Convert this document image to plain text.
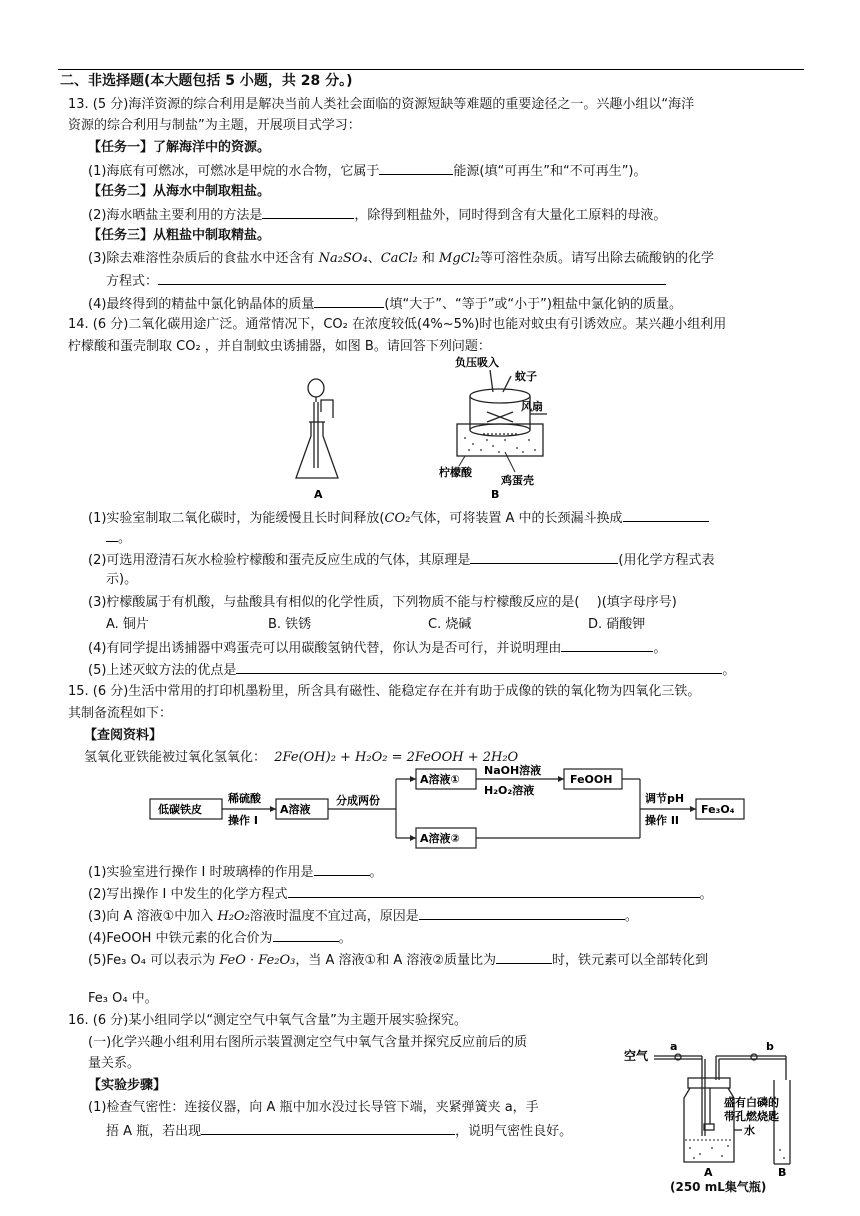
二、非选择题(本大题包括 5 小题，共 28 分。)
13. (5 分)海洋资源的综合利用是解决当前人类社会面临的资源短缺等难题的重要途径之一。兴趣小组以“海洋
资源的综合利用与制盐”为主题，开展项目式学习：
【任务一】了解海洋中的资源。
(1)海底有可燃冰，可燃冰是甲烷的水合物，它属于	能源(填“可再生”和“不可再生”)。
【任务二】从海水中制取粗盐。
(2)海水晒盐主要利用的方法是	，除得到粗盐外，同时得到含有大量化工原料的母液。
【任务三】从粗盐中制取精盐。
(3)除去难溶性杂质后的食盐水中还含有 Na₂SO₄、CaCl₂ 和 MgCl₂等可溶性杂质。请写出除去硫酸钠的化学
方程式：
(4)最终得到的精盐中氯化钠晶体的质量	(填“大于”、“等于”或“小于”)粗盐中氯化钠的质量。
14. (6 分)二氧化碳用途广泛。通常情况下，CO₂ 在浓度较低(4%~5%)时也能对蚊虫有引诱效应。某兴趣小组利用
柠檬酸和蛋壳制取 CO₂ ，并自制蚊虫诱捕器，如图 B。请回答下列问题：
A
负压吸入
蚊子
风扇
柠檬酸
鸡蛋壳
B
(1)实验室制取二氧化碳时，为能缓慢且长时间释放(CO₂气体，可将装置 A 中的长颈漏斗换成
。
(2)可选用澄清石灰水检验柠檬酸和蛋壳反应生成的气体，其原理是	(用化学方程式表
示)。
(3)柠檬酸属于有机酸，与盐酸具有相似的化学性质，下列物质不能与柠檬酸反应的是(　 )(填字母序号)
A. 铜片	B. 铁锈	C. 烧碱	D. 硝酸钾
(4)有同学提出诱捕器中鸡蛋壳可以用碳酸氢钠代替，你认为是否可行，并说明理由	。
(5)上述灭蚊方法的优点是	。
15. (6 分)生活中常用的打印机墨粉里，所含具有磁性、能稳定存在并有助于成像的铁的氧化物为四氧化三铁。
其制备流程如下：
【查阅资料】
氢氧化亚铁能被过氧化氢氧化： 2Fe(OH)₂ + H₂O₂ = 2FeOOH + 2H₂O
低碳铁皮
稀硫酸
操作 I
A溶液
分成两份
A溶液①
NaOH溶液
H₂O₂溶液
FeOOH
调节pH
操作 II
Fe₃O₄
A溶液②
(1)实验室进行操作 I 时玻璃棒的作用是	。
(2)写出操作 I 中发生的化学方程式	。
(3)向 A 溶液①中加入 H₂O₂溶液时温度不宜过高，原因是	。
(4)FeOOH 中铁元素的化合价为	。
(5)Fe₃ O₄ 可以表示为 FeO · Fe₂O₃，当 A 溶液①和 A 溶液②质量比为	时，铁元素可以全部转化到
Fe₃ O₄ 中。
16. (6 分)某小组同学以“测定空气中氧气含量”为主题开展实验探究。
(一)化学兴趣小组利用右图所示装置测定空气中氧气含量并探究反应前后的质
量关系。
【实验步骤】
(1)检查气密性：连接仪器，向 A 瓶中加水没过长导管下端，夹紧弹簧夹 a，手
捂 A 瓶，若出现	，说明气密性良好。
空气
a	b
盛有白磷的
带孔燃烧匙
水
A	B
(250 mL集气瓶)
